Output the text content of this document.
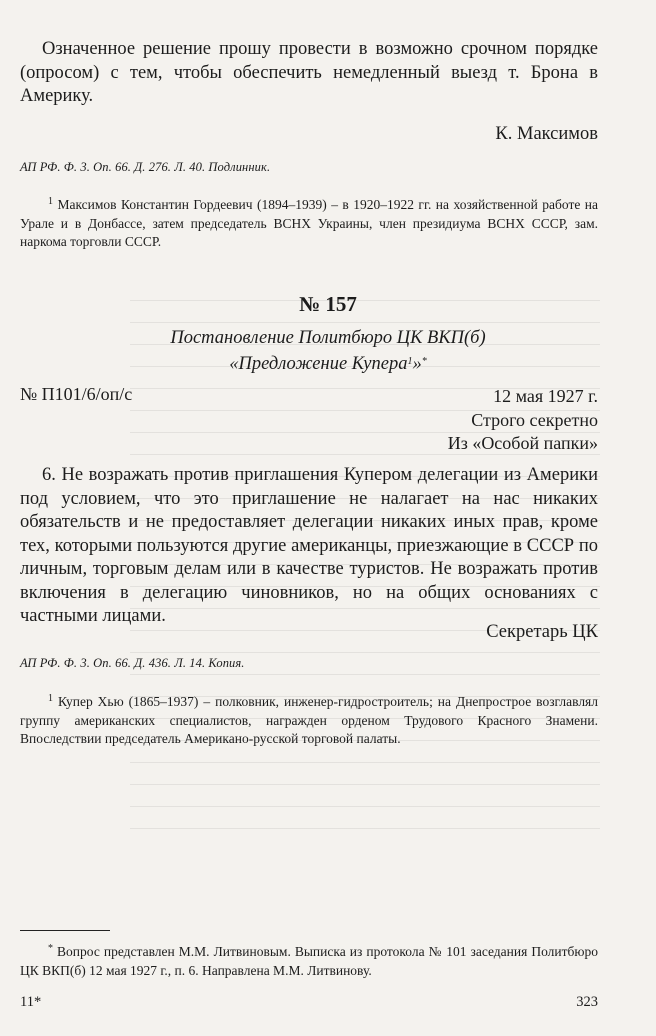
Означенное решение прошу провести в возможно срочном порядке (опросом) с тем, чтобы обеспечить немедленный выезд т. Брона в Америку.

К. Максимов
АП РФ. Ф. 3. Оп. 66. Д. 276. Л. 40. Подлинник.

$^1$ Максимов Константин Гордеевич (1894–1939) – в 1920–1922 гг. на хозяйственной работе на Урале и в Донбассе, затем председатель ВСНХ Украины, член президиума ВСНХ СССР, зам. наркома торговли СССР.

№ 157
Постановление Политбюро ЦК ВКП(б)
«Предложение Купера$^1$»*
№ П101/6/оп/с	12 мая 1927 г.
Строго секретно
Из «Особой папки»

6. Не возражать против приглашения Купером делегации из Америки под условием, что это приглашение не налагает на нас никаких обязательств и не предоставляет делегации никаких иных прав, кроме тех, которыми пользуются другие американцы, приезжающие в СССР по личным, торговым делам или в качестве туристов. Не возражать против включения в делегацию чиновников, но на общих основаниях с частными лицами.

Секретарь ЦК
АП РФ. Ф. 3. Оп. 66. Д. 436. Л. 14. Копия.

$^1$ Купер Хью (1865–1937) – полковник, инженер-гидростроитель; на Днепрострое возглавлял группу американских специалистов, награжден орденом Трудового Красного Знамени. Впоследствии председатель Американо-русской торговой палаты.

* Вопрос представлен М.М. Литвиновым. Выписка из протокола № 101 заседания Политбюро ЦК ВКП(б) 12 мая 1927 г., п. 6. Направлена М.М. Литвинову.

11*	323
